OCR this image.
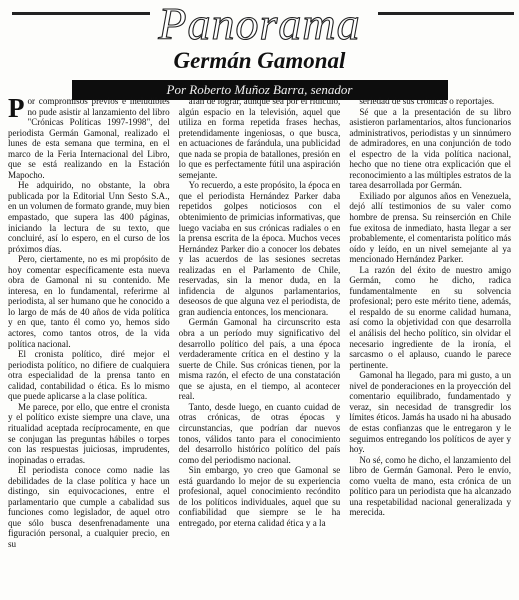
Panorama
Germán Gamonal
Por Roberto Muñoz Barra, senador

Por compromisos previos e ineludibles no pude asistir al lanzamiento del libro "Crónicas Políticas 1997-1998", del periodista Germán Gamonal, realizado el lunes de esta semana que termina, en el marco de la Feria Internacional del Libro, que se está realizando en la Estación Mapocho.

He adquirido, no obstante, la obra publicada por la Editorial Unn Sesto S.A., en un volumen de formato grande, muy bien empastado, que supera las 400 páginas, iniciando la lectura de su texto, que concluiré, así lo espero, en el curso de los próximos días.

Pero, ciertamente, no es mi propósito de hoy comentar específicamente esta nueva obra de Gamonal ni su contenido. Me interesa, en lo fundamental, referirme al periodista, al ser humano que he conocido a lo largo de más de 40 años de vida política y en que, tanto él como yo, hemos sido actores, como tantos otros, de la vida política nacional.

El cronista político, diré mejor el periodista político, no difiere de cualquiera otra especialidad de la prensa tanto en calidad, contabilidad o ética. Es lo mismo que puede aplicarse a la clase política.

Me parece, por ello, que entre el cronista y el político existe siempre una clave, una ritualidad aceptada recíprocamente, en que se conjugan las preguntas hábiles o torpes con las respuestas juiciosas, imprudentes, inopinadas o erradas.

El periodista conoce como nadie las debilidades de la clase política y hace un distingo, sin equivocaciones, entre el parlamentario que cumple a cabalidad sus funciones como legislador, de aquel otro que sólo busca desenfrenadamente una figuración personal, a cualquier precio, en su

afán de lograr, aunque sea por el ridículo, algún espacio en la televisión, aquel que utiliza en forma repetida frases hechas, pretendidamente ingeniosas, o que busca, en actuaciones de farándula, una publicidad que nada se propia de batallones, presión en lo que es perfectamente fútil una aspiración semejante.

Yo recuerdo, a este propósito, la época en que el periodista Hernández Parker daba repetidos golpes noticiosos con el obtenimiento de primicias informativas, que luego vaciaba en sus crónicas radiales o en la prensa escrita de la época. Muchos veces Hernández Parker dio a conocer los debates y las acuerdos de las sesiones secretas realizadas en el Parlamento de Chile, reservadas, sin la menor duda, en la infidencia de algunos parlamentarios, deseosos de que alguna vez el periodista, de gran audiencia entonces, los mencionara.

Germán Gamonal ha circunscrito esta obra a un período muy significativo del desarrollo político del país, a una época verdaderamente crítica en el destino y la suerte de Chile. Sus crónicas tienen, por la misma razón, el efecto de una constatación que se ajusta, en el tiempo, al acontecer real.

Tanto, desde luego, en cuanto cuidad de otras crónicas, de otras épocas y circunstancias, que podrían dar nuevos tonos, válidos tanto para el conocimiento del desarrollo histórico político del país como del periodismo nacional.

Sin embargo, yo creo que Gamonal se está guardando lo mejor de su experiencia profesional, aquel conocimiento recóndito de los políticos individuales, aquel que su confiabilidad que siempre se le ha entregado, por eterna calidad ética y a la

seriedad de sus crónicas o reportajes.

Sé que a la presentación de su libro asistieron parlamentarios, altos funcionarios administrativos, periodistas y un sinnúmero de admiradores, en una conjunción de todo el espectro de la vida política nacional, hecho que no tiene otra explicación que el reconocimiento a las múltiples estratos de la tarea desarrollada por Germán.

Exiliado por algunos años en Venezuela, dejó allí testimonios de su valer como hombre de prensa. Su reinserción en Chile fue exitosa de inmediato, hasta llegar a ser probablemente, el comentarista político más oído y leído, en un nivel semejante al ya mencionado Hernández Parker.

La razón del éxito de nuestro amigo Germán, como he dicho, radica fundamentalmente en su solvencia profesional; pero este mérito tiene, además, el respaldo de su enorme calidad humana, así como la objetividad con que desarrolla el análisis del hecho político, sin olvidar el necesario ingrediente de la ironía, el sarcasmo o el aplauso, cuando le parece pertinente.

Gamonal ha llegado, para mi gusto, a un nivel de ponderaciones en la proyección del comentario equilibrado, fundamentado y veraz, sin necesidad de transgredir los límites éticos. Jamás ha usado ni ha abusado de estas confianzas que le entregaron y le seguimos entregando los políticos de ayer y hoy.

No sé, como he dicho, el lanzamiento del libro de Germán Gamonal. Pero le envío, como vuelta de mano, esta crónica de un político para un periodista que ha alcanzado una respetabilidad nacional generalizada y merecida.
